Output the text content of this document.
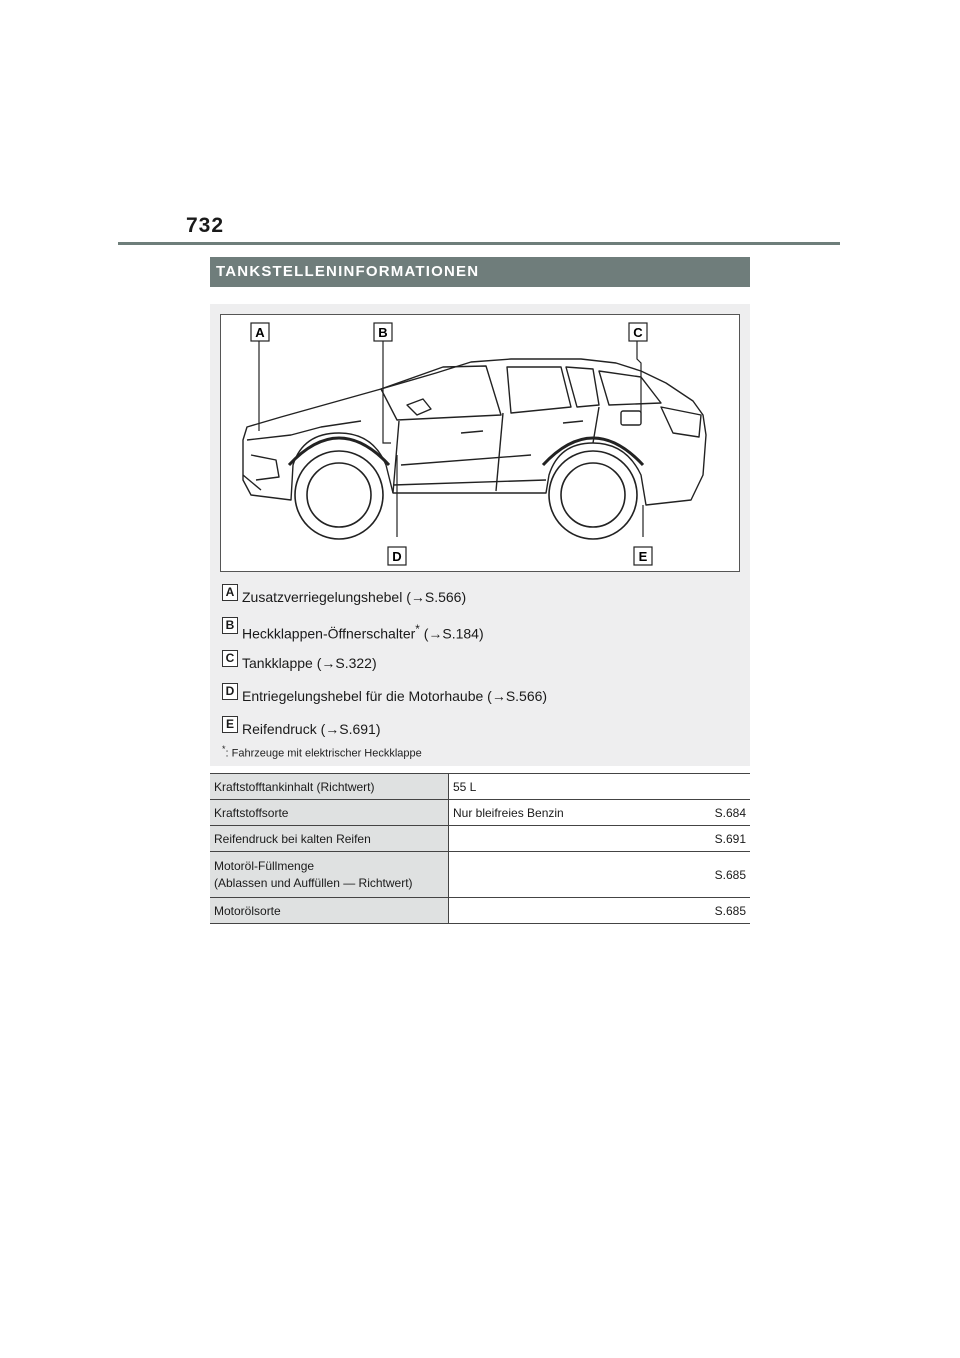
732
TANKSTELLENINFORMATIONEN
A	B	C
D	E
A Zusatzverriegelungshebel (→S.566)
B
Heckklappen-Öffnerschalter* (→S.184)
C Tankklappe (→S.322)
D Entriegelungshebel für die Motorhaube (→S.566)
E Reifendruck (→S.691)
*: Fahrzeuge mit elektrischer Heckklappe
Kraftstofftankinhalt (Richtwert)	55 L	
Kraftstoffsorte	Nur bleifreies Benzin	S.684
Reifendruck bei kalten Reifen		S.691

Motoröl-Füllmenge
(Ablassen und Auffüllen — Richtwert)		S.685
Motorölsorte		S.685
